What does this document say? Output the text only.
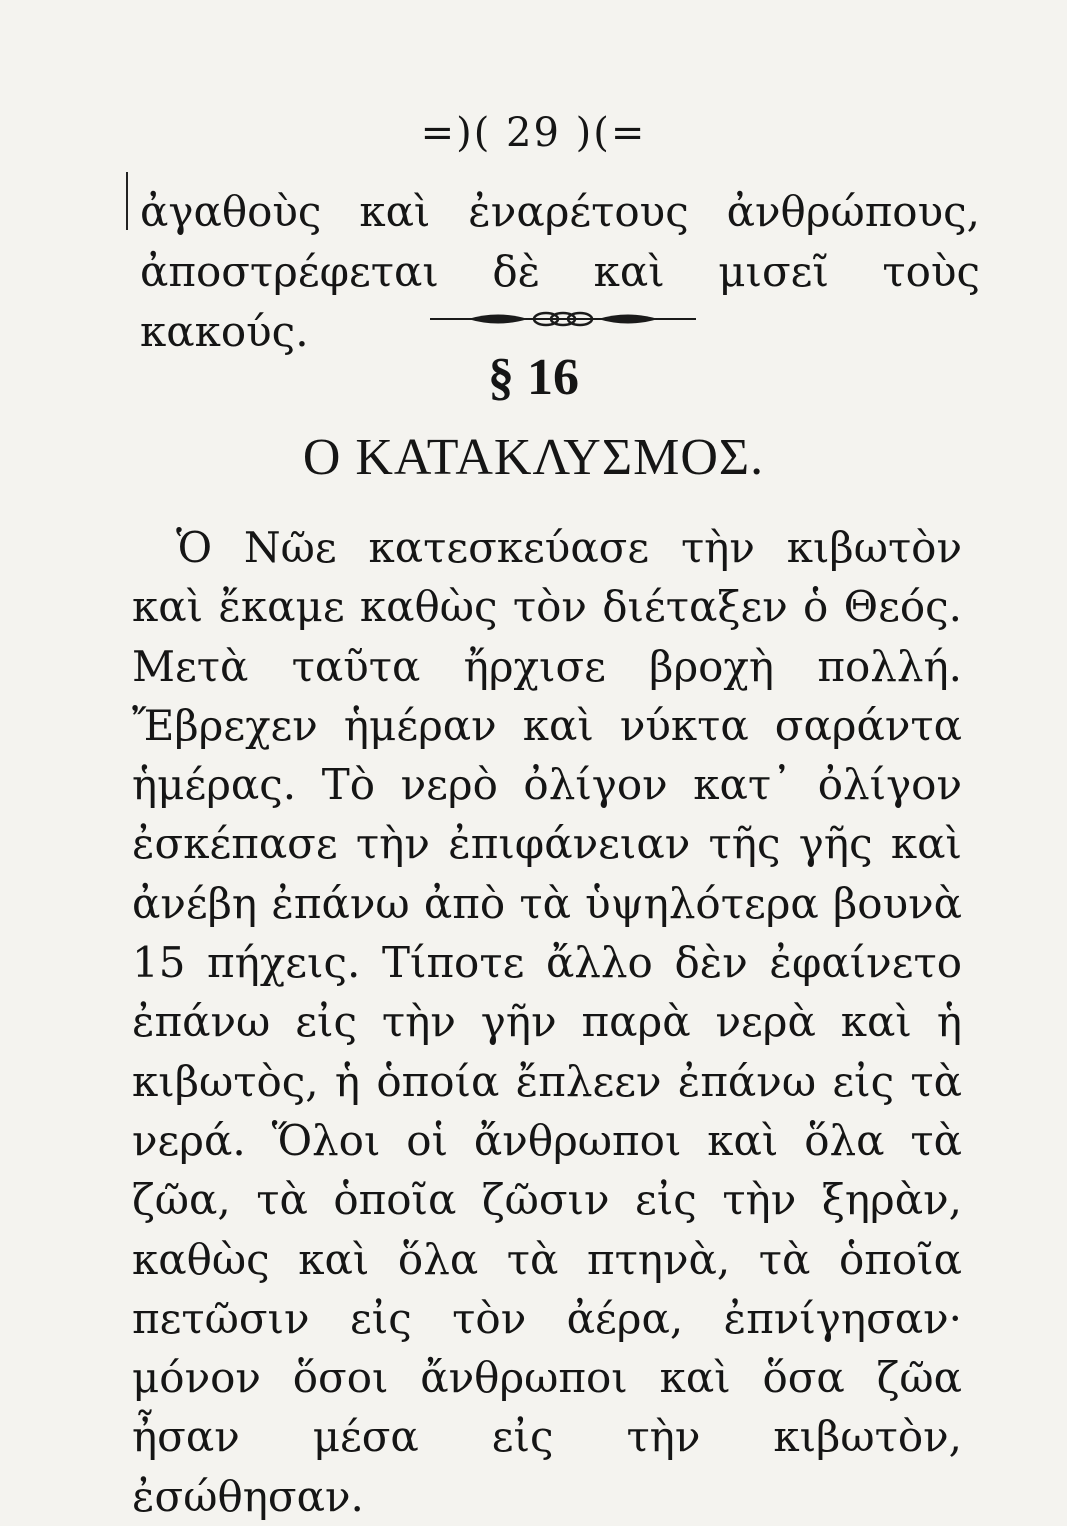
=)( 29 )(=
ἀγαθοὺς καὶ ἐναρέτους ἀνθρώπους, ἀποστρέφεται δὲ καὶ μισεῖ τοὺς κακούς.
§ 16
Ο ΚΑΤΑΚΛΥΣΜΟΣ.

Ὁ Νῶε κατεσκεύασε τὴν κιβωτὸν καὶ ἔκαμε καθὼς τὸν διέταξεν ὁ Θεός. Μετὰ ταῦτα ἤρχισε βροχὴ πολλή. Ἔβρεχεν ἡμέραν καὶ νύκτα σαράντα ἡμέρας. Τὸ νερὸ ὀλίγον κατ᾽ ὀλίγον ἐσκέπασε τὴν ἐπιφάνειαν τῆς γῆς καὶ ἀνέβη ἐπάνω ἀπὸ τὰ ὑψηλότερα βουνὰ 15 πήχεις. Τίποτε ἄλλο δὲν ἐφαίνετο ἐπάνω εἰς τὴν γῆν παρὰ νερὰ καὶ ἡ κιβωτὸς, ἡ ὁποία ἔπλεεν ἐπάνω εἰς τὰ νερά. Ὅλοι οἱ ἄνθρωποι καὶ ὅλα τὰ ζῶα, τὰ ὁποῖα ζῶσιν εἰς τὴν ξηρὰν, καθὼς καὶ ὅλα τὰ πτηνὰ, τὰ ὁποῖα πετῶσιν εἰς τὸν ἀέρα, ἐπνίγησαν· μόνον ὅσοι ἄνθρωποι καὶ ὅσα ζῶα ἦσαν μέσα εἰς τὴν κιβωτὸν, ἐσώθησαν.
